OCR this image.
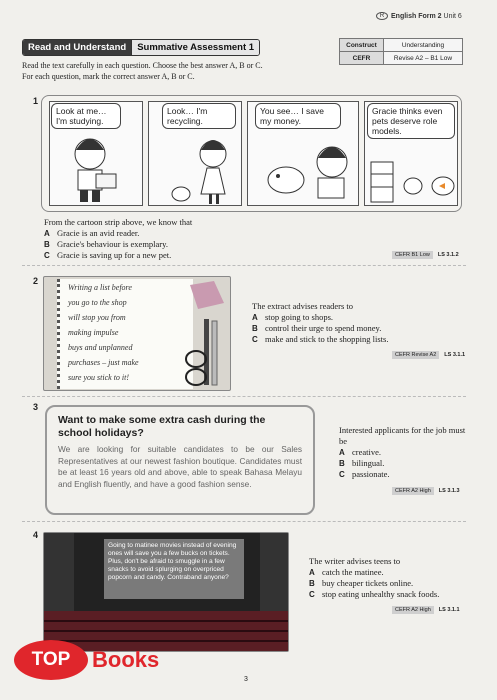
R English Form 2 Unit 6
Read and Understand	Summative Assessment 1	Construct	Understanding
CEFR	Revise A2 – B1 Low
Read the text carefully in each question. Choose the best answer A, B or C.
For each question, mark the correct answer A, B or C.
1
Look at me… I'm studying.
Look… I'm recycling.
You see… I save my money.
Gracie thinks even pets deserve role models.
From the cartoon strip above, we know that
A Gracie is an avid reader.
B Gracie's behaviour is exemplary.
C Gracie is saving up for a new pet.	CEFR B1 Low	LS 3.1.2
2
Writing a list before
you go to the shop
will stop you from
making impulse
buys and unplanned
purchases – just make
sure you stick to it!
The extract advises readers to
A stop going to shops.
B control their urge to spend money.
C make and stick to the shopping lists.
CEFR Revise A2	LS 3.1.1
3
Want to make some extra cash during the school holidays?
We are looking for suitable candidates to be our Sales Representatives at our newest fashion boutique. Candidates must be at least 16 years old and above, able to speak Bahasa Melayu and English fluently, and have a good fashion sense.
Interested applicants for the job must be
A creative.
B bilingual.
C passionate.
CEFR A2 High	LS 3.1.3
4
Going to matinee movies instead of evening ones will save you a few bucks on tickets. Plus, don't be afraid to smuggle in a few snacks to avoid splurging on overpriced popcorn and candy. Contraband anyone?
The writer advises teens to
A catch the matinee.
B buy cheaper tickets online.
C stop eating unhealthy snack foods.
CEFR A2 High	LS 3.1.1
TOP Books
3
